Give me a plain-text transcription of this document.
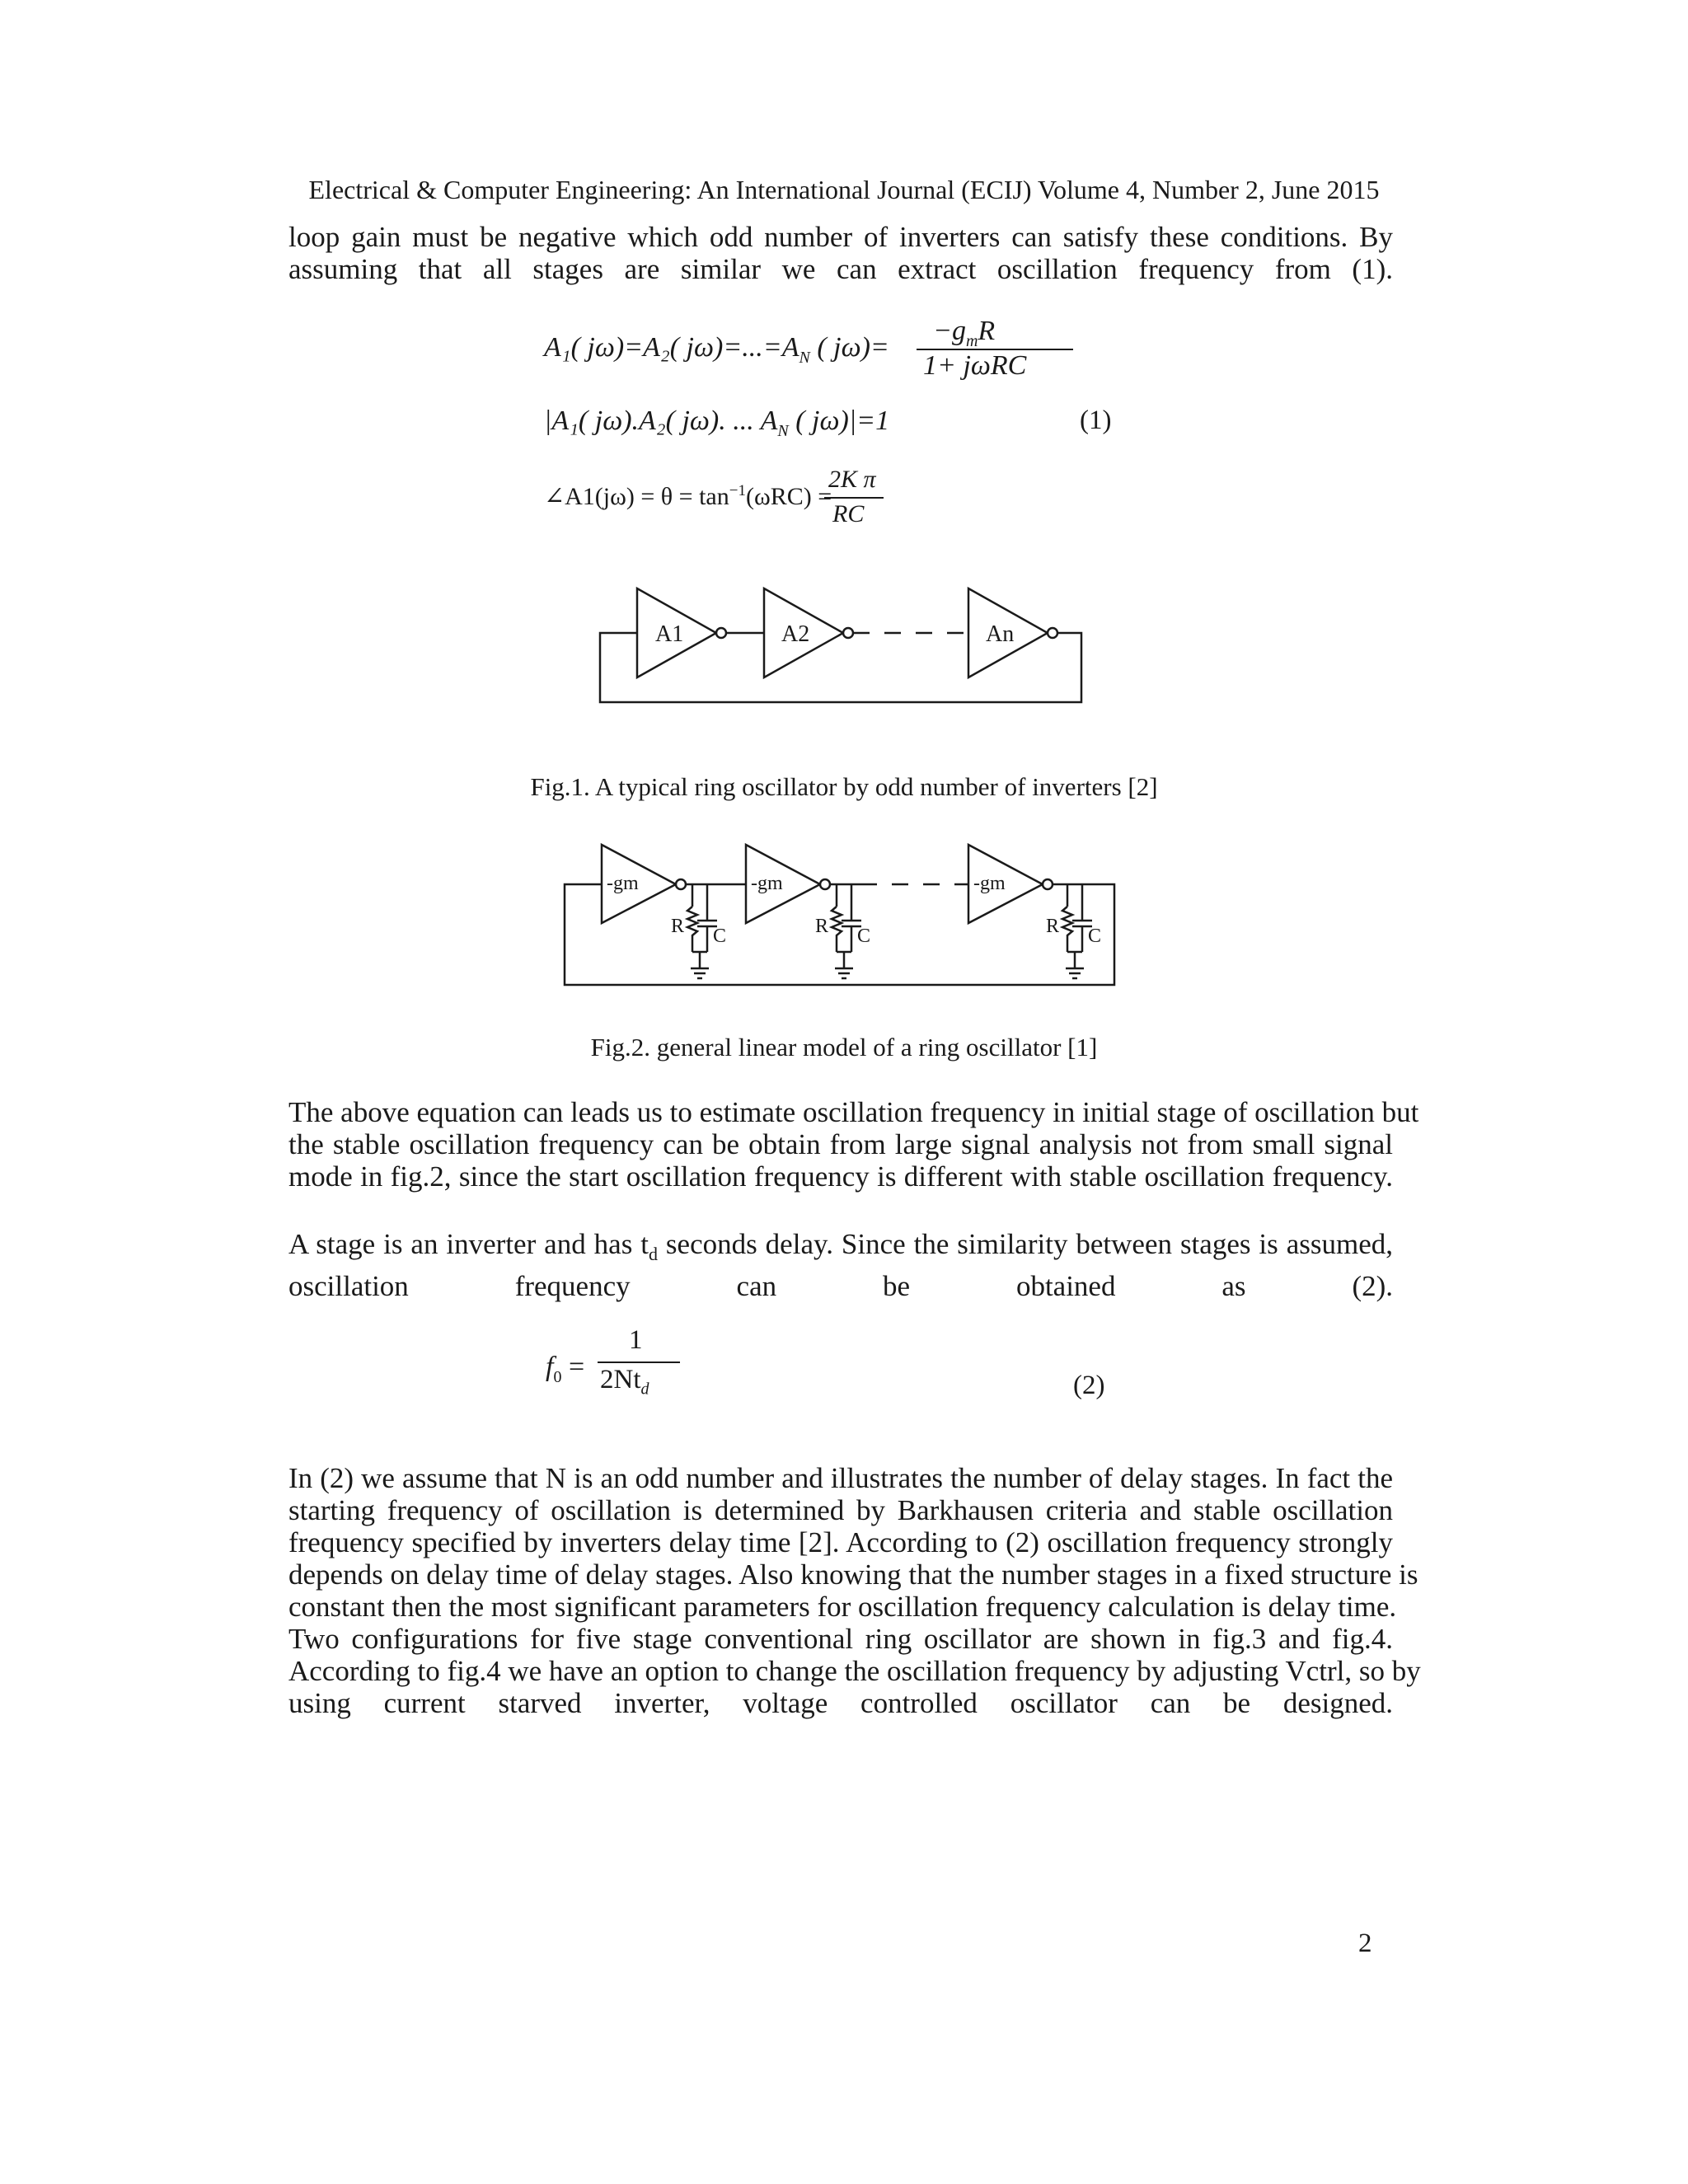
Electrical & Computer Engineering: An International Journal (ECIJ) Volume 4, Number 2, June 2015
loop gain must be negative which odd number of inverters can satisfy these conditions. By
assuming that all stages are similar we can extract oscillation frequency from (1).
A₁( jω)=A₂( $j\omega)=...=A_N$ ( jω)=
$-g_mR$
1+ jωRC
|A₁( jω).A₂( jω). ... $A_N$ ( jω)|=1	(1)
∠A1(jω) = $\theta = \tan^{-1}(\omega RC)$ =
2K π
RC
A1	A2	An
Fig.1. A typical ring oscillator by odd number of inverters [2]
-gm	-gm	-gm
R	R	R
C	C	C
Fig.2. general linear model of a ring oscillator [1]
The above equation can leads us to estimate oscillation frequency in initial stage of oscillation but
the stable oscillation frequency can be obtain from large signal analysis not from small signal
mode in fig.2, since the start oscillation frequency is different with stable oscillation frequency.
A stage is an inverter and has $t_d$ seconds delay. Since the similarity between stages is assumed,
oscillation frequency can be obtained as (2).
$f_0$ =
1
$2Nt_d$	(2)
In (2) we assume that N is an odd number and illustrates the number of delay stages. In fact the
starting frequency of oscillation is determined by Barkhausen criteria and stable oscillation
frequency specified by inverters delay time [2]. According to (2) oscillation frequency strongly
depends on delay time of delay stages. Also knowing that the number stages in a fixed structure is
constant then the most significant parameters for oscillation frequency calculation is delay time.
Two configurations for five stage conventional ring oscillator are shown in fig.3 and fig.4.
According to fig.4 we have an option to change the oscillation frequency by adjusting Vctrl, so by
using current starved inverter, voltage controlled oscillator can be designed.
2
